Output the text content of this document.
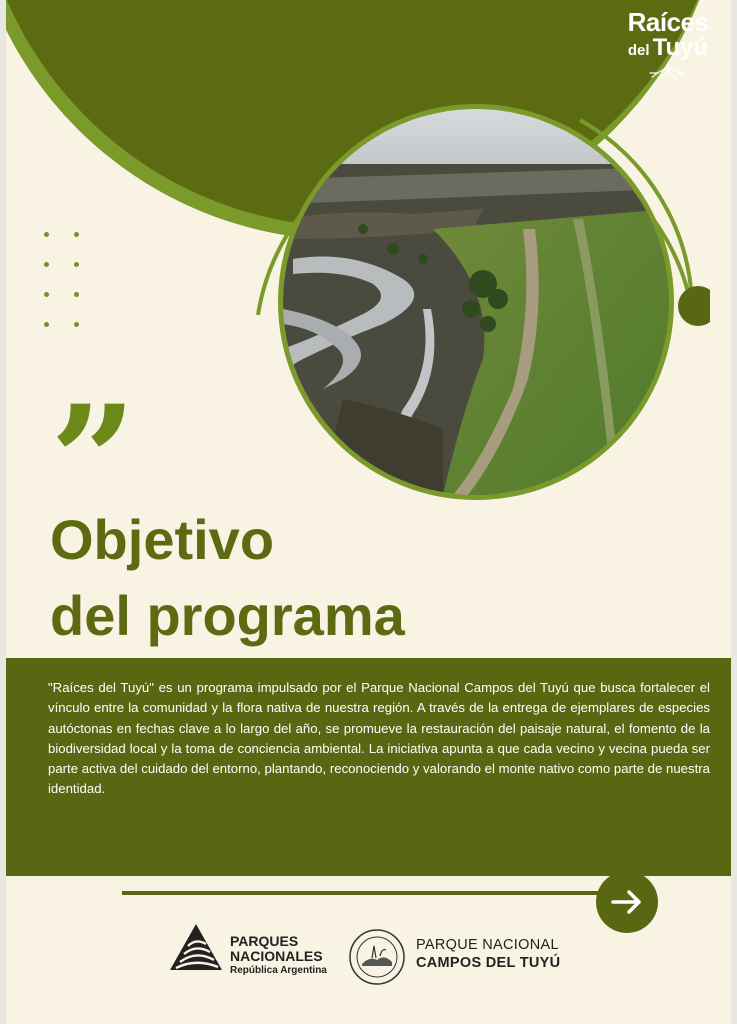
Raíces
del Tuyú
”
Objetivo
del programa

"Raíces del Tuyú" es un programa impulsado por el Parque Nacional Campos del Tuyú que busca fortalecer el vínculo entre la comunidad y la flora nativa de nuestra región. A través de la entrega de ejemplares de especies autóctonas en fechas clave a lo largo del año, se promueve la restauración del paisaje natural, el fomento de la biodiversidad local y la toma de conciencia ambiental. La iniciativa apunta a que cada vecino y vecina pueda ser parte activa del cuidado del entorno, plantando, reconociendo y valorando el monte nativo como parte de nuestra identidad.

PARQUES
NACIONALES
República Argentina
PARQUE NACIONAL
CAMPOS DEL TUYÚ
